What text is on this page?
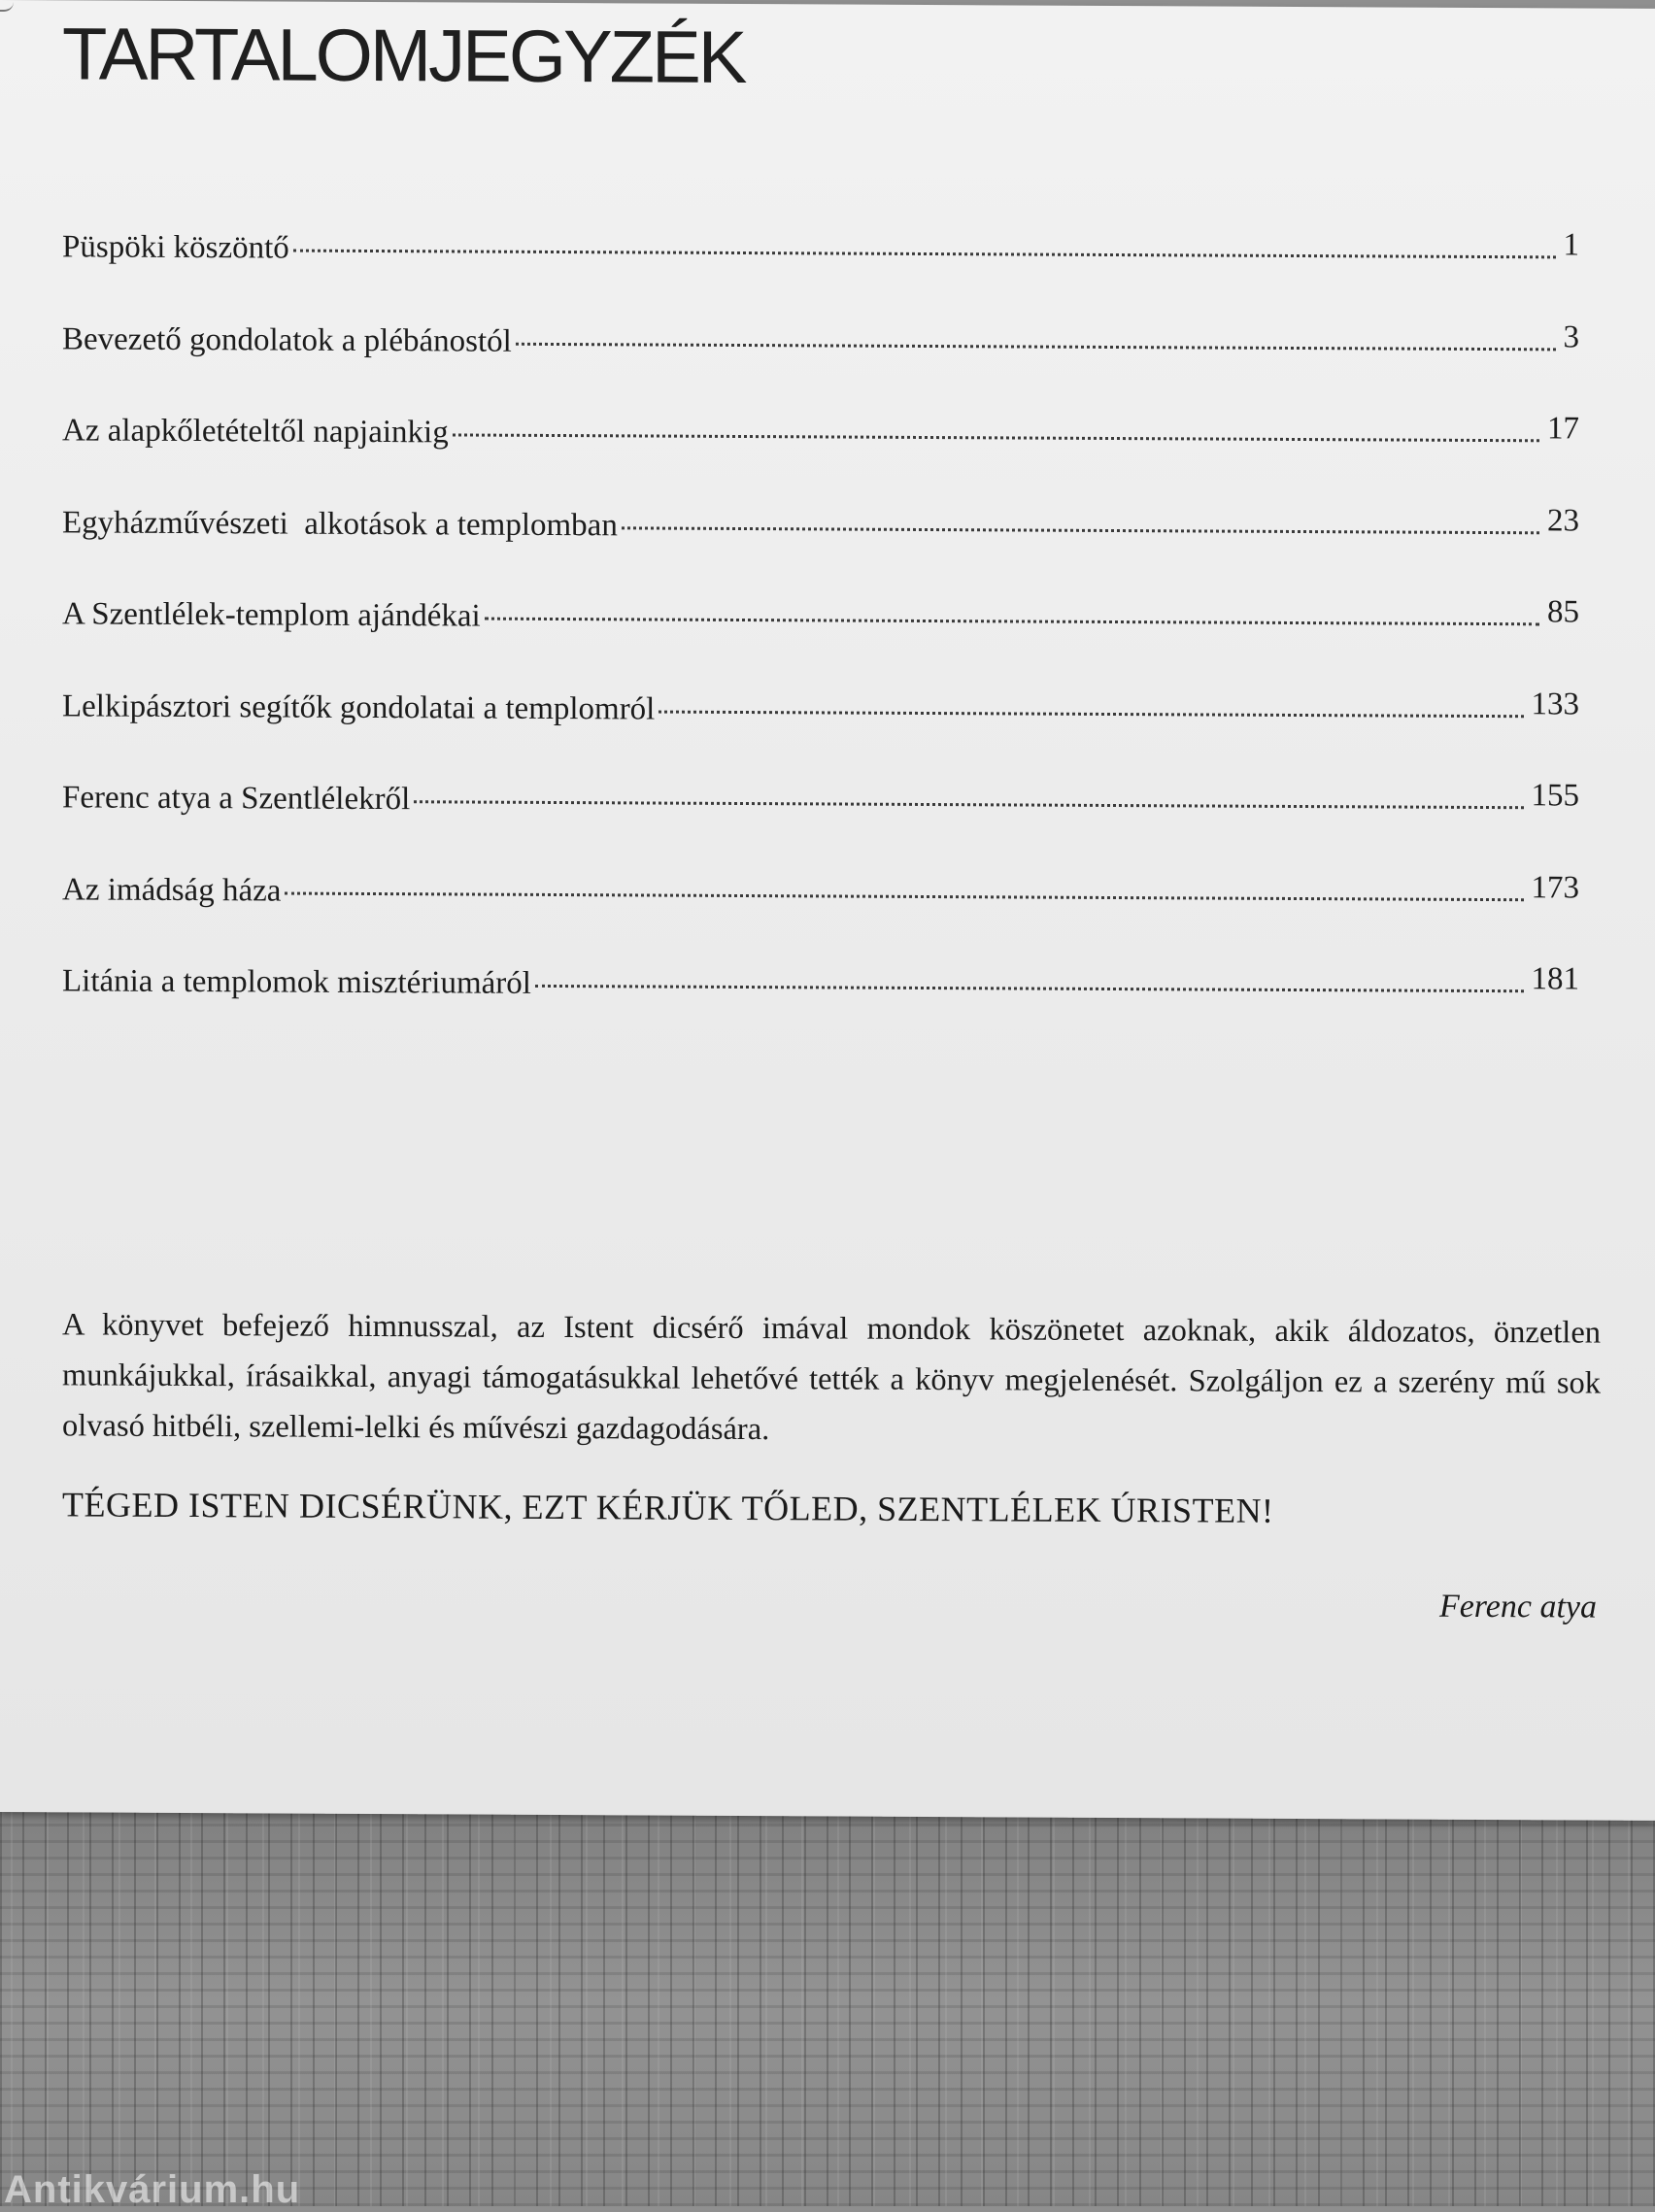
TARTALOMJEGYZÉK
Püspöki köszöntő	1
Bevezető gondolatok a plébánostól	3
Az alapkőletételtől napjainkig	17
Egyházművészeti  alkotások a templomban	23
A Szentlélek-templom ajándékai	85
Lelkipásztori segítők gondolatai a templomról	133
Ferenc atya a Szentlélekről	155
Az imádság háza	173
Litánia a templomok misztériumáról	181

A könyvet befejező himnusszal, az Istent dicsérő imával mondok köszönetet azoknak, akik áldozatos, önzetlen munkájukkal, írásaikkal, anyagi támogatásukkal lehetővé tették a könyv megjelenését. Szolgáljon ez a szerény mű sok olvasó hitbéli, szellemi-lelki és művészi gazdagodására.

TÉGED ISTEN DICSÉRÜNK, EZT KÉRJÜK TŐLED, SZENTLÉLEK ÚRISTEN!

Ferenc atya

Antikvárium.hu
